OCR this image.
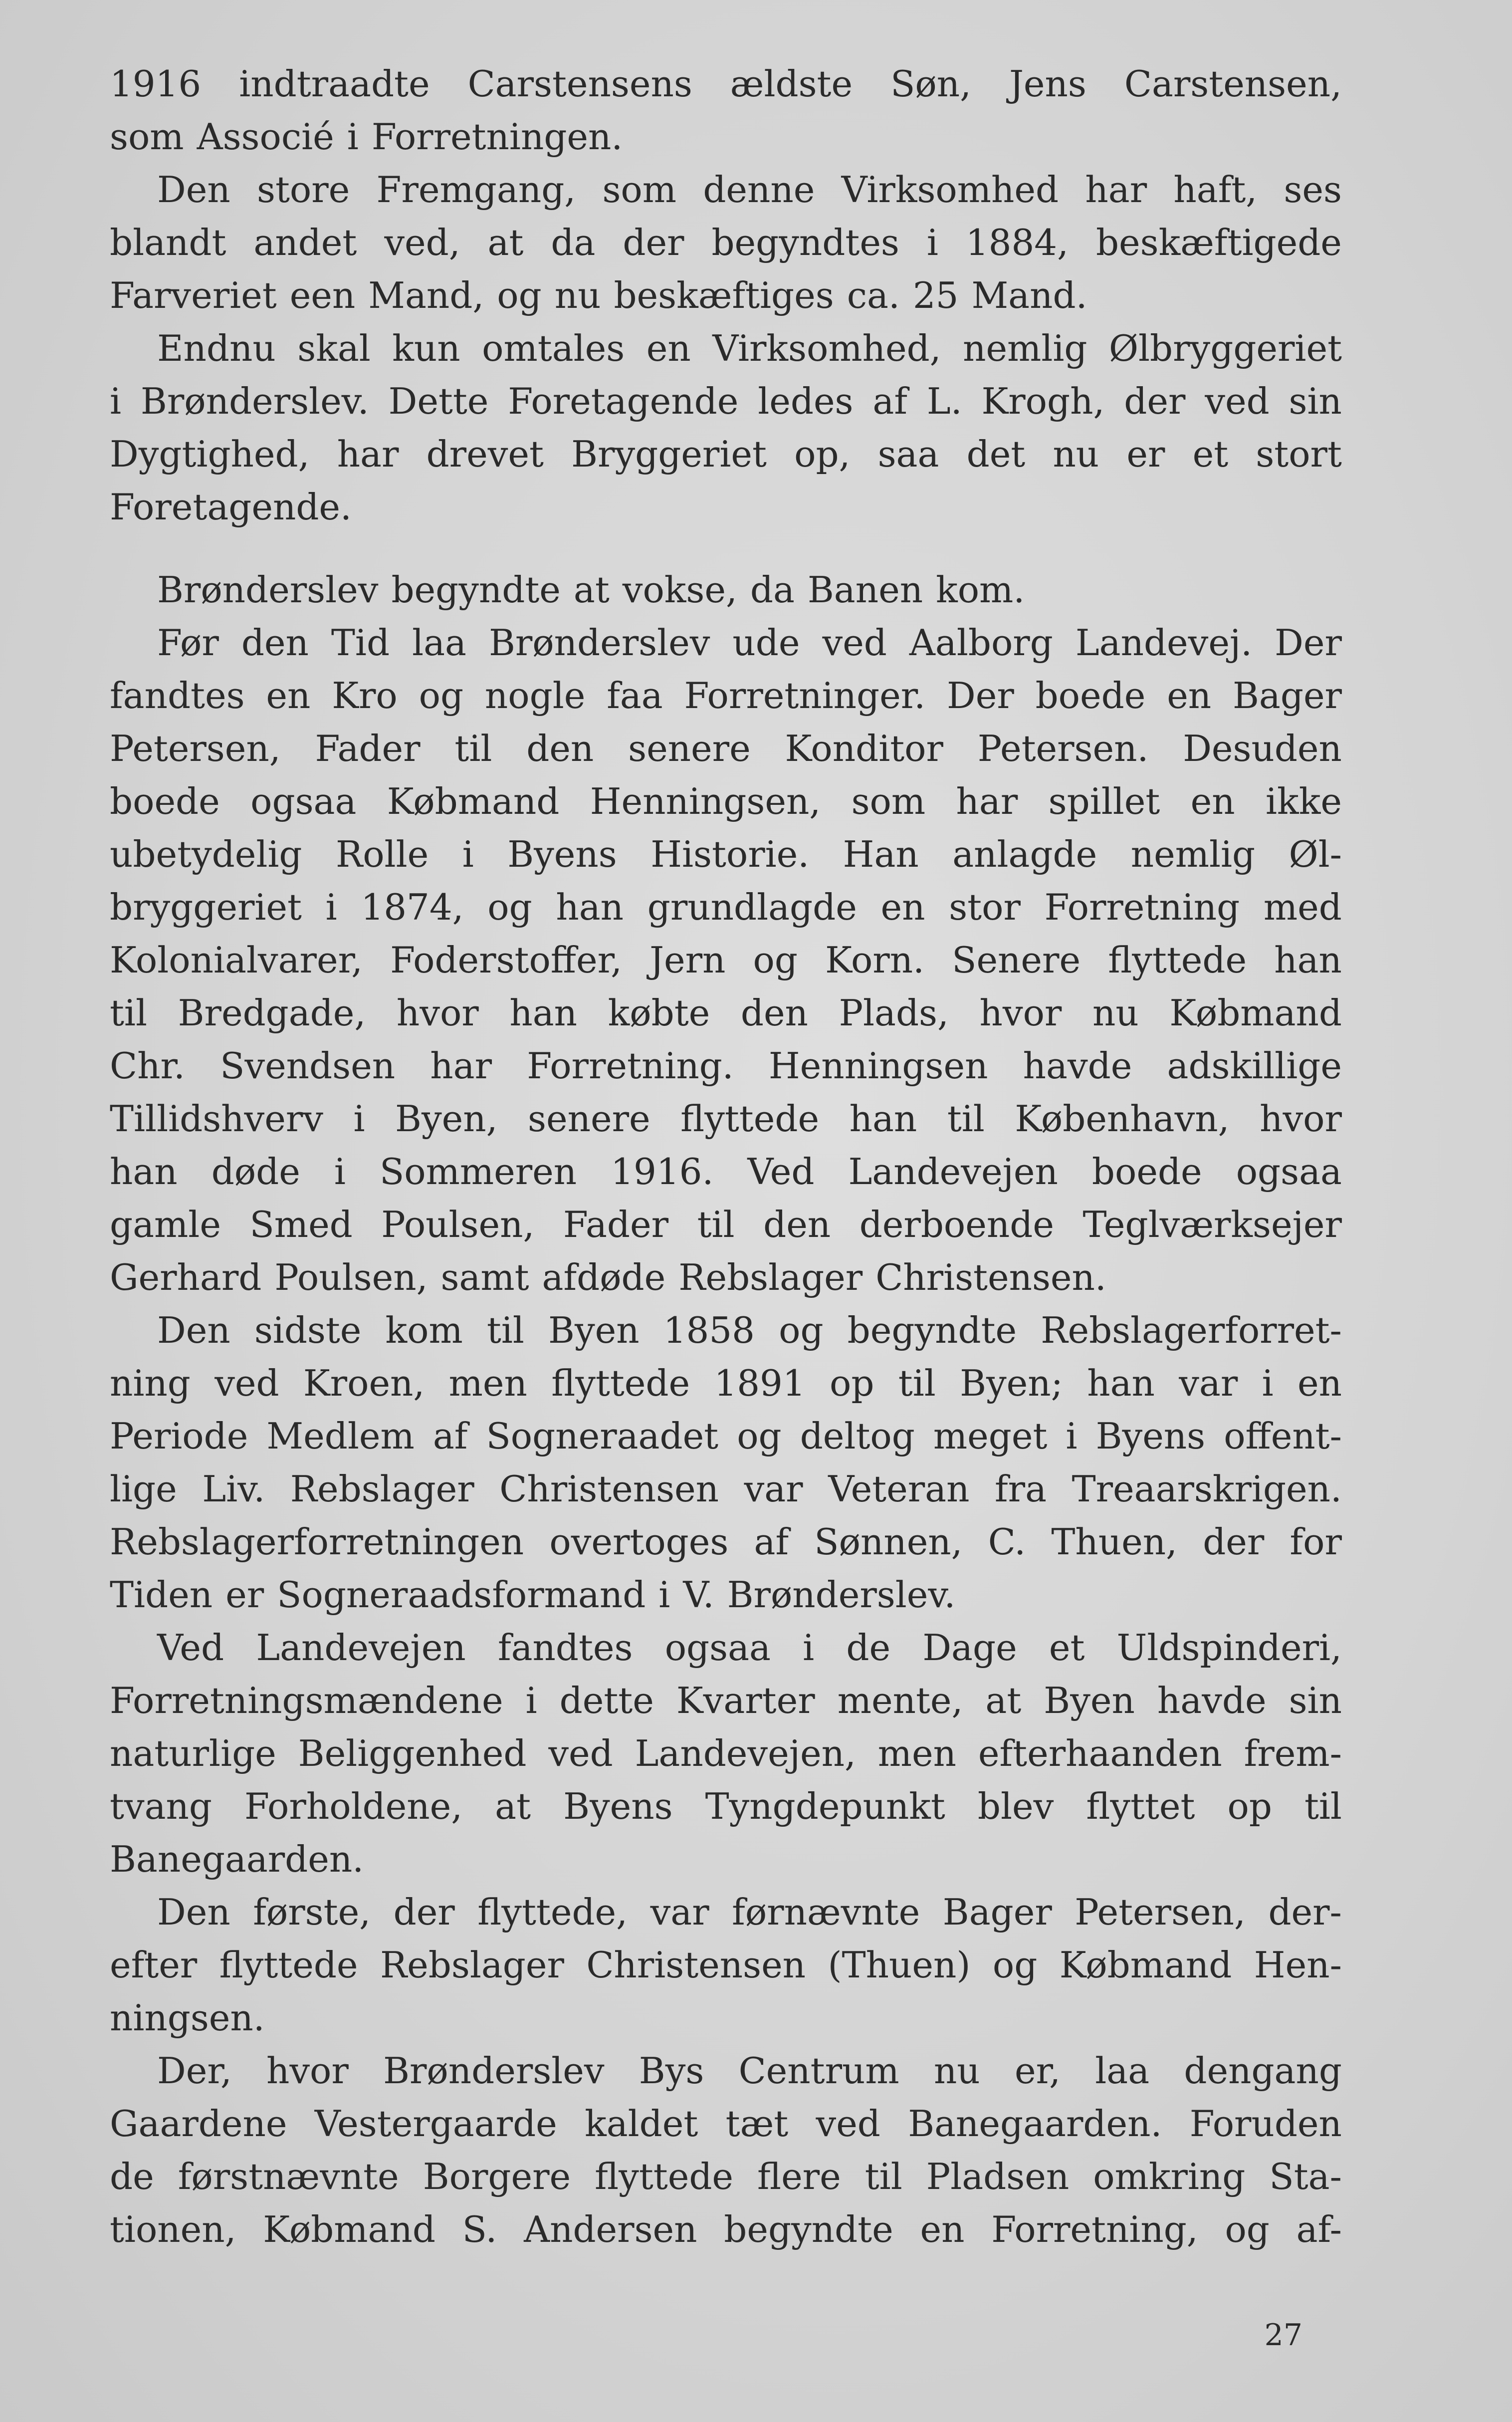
1916 indtraadte Carstensens ældste Søn, Jens Carstensen,
som Associé i Forretningen.
Den store Fremgang, som denne Virksomhed har haft, ses
blandt andet ved, at da der begyndtes i 1884, beskæftigede
Farveriet een Mand, og nu beskæftiges ca. 25 Mand.
Endnu skal kun omtales en Virksomhed, nemlig Ølbryggeriet
i Brønderslev. Dette Foretagende ledes af L. Krogh, der ved sin
Dygtighed, har drevet Bryggeriet op, saa det nu er et stort
Foretagende.
Brønderslev begyndte at vokse, da Banen kom.
Før den Tid laa Brønderslev ude ved Aalborg Landevej. Der
fandtes en Kro og nogle faa Forretninger. Der boede en Bager
Petersen, Fader til den senere Konditor Petersen. Desuden
boede ogsaa Købmand Henningsen, som har spillet en ikke
ubetydelig Rolle i Byens Historie. Han anlagde nemlig Øl-
bryggeriet i 1874, og han grundlagde en stor Forretning med
Kolonialvarer, Foderstoffer, Jern og Korn. Senere flyttede han
til Bredgade, hvor han købte den Plads, hvor nu Købmand
Chr. Svendsen har Forretning. Henningsen havde adskillige
Tillidshverv i Byen, senere flyttede han til København, hvor
han døde i Sommeren 1916. Ved Landevejen boede ogsaa
gamle Smed Poulsen, Fader til den derboende Teglværksejer
Gerhard Poulsen, samt afdøde Rebslager Christensen.
Den sidste kom til Byen 1858 og begyndte Rebslagerforret-
ning ved Kroen, men flyttede 1891 op til Byen; han var i en
Periode Medlem af Sogneraadet og deltog meget i Byens offent-
lige Liv. Rebslager Christensen var Veteran fra Treaarskrigen.
Rebslagerforretningen overtoges af Sønnen, C. Thuen, der for
Tiden er Sogneraadsformand i V. Brønderslev.
Ved Landevejen fandtes ogsaa i de Dage et Uldspinderi,
Forretningsmændene i dette Kvarter mente, at Byen havde sin
naturlige Beliggenhed ved Landevejen, men efterhaanden frem-
tvang Forholdene, at Byens Tyngdepunkt blev flyttet op til
Banegaarden.
Den første, der flyttede, var førnævnte Bager Petersen, der-
efter flyttede Rebslager Christensen (Thuen) og Købmand Hen-
ningsen.
Der, hvor Brønderslev Bys Centrum nu er, laa dengang
Gaardene Vestergaarde kaldet tæt ved Banegaarden. Foruden
de førstnævnte Borgere flyttede flere til Pladsen omkring Sta-
tionen, Købmand S. Andersen begyndte en Forretning, og af-
27
